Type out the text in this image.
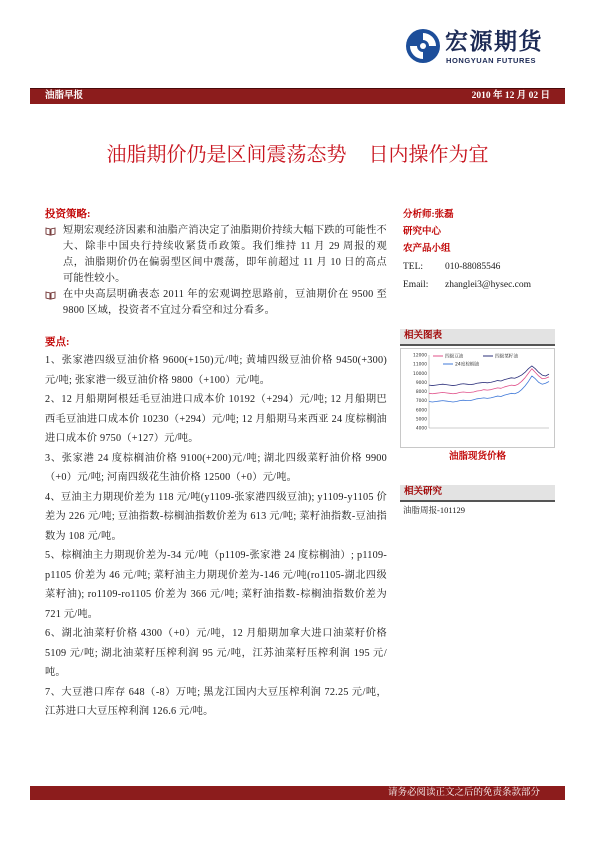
宏源期货
HONGYUAN FUTURES
油脂早报	2010 年 12 月 02 日
油脂期价仍是区间震荡态势 日内操作为宜
投资策略:
短期宏观经济因素和油脂产消决定了油脂期价持续大幅下跌的可能性不大、除非中国央行持续收紧货币政策。我们维持 11 月 29 周报的观点，油脂期价仍在偏弱型区间中震荡，即年前超过 11 月 10 日的高点可能性较小。
在中央高层明确表态 2011 年的宏观调控思路前，豆油期价在 9500 至 9800 区域，投资者不宜过分看空和过分看多。
要点:
1、张家港四级豆油价格 9600(+150)元/吨; 黄埔四级豆油价格 9450(+300)元/吨; 张家港一级豆油价格 9800（+100）元/吨。
2、12 月船期阿根廷毛豆油进口成本价 10192（+294）元/吨; 12 月船期巴西毛豆油进口成本价 10230（+294）元/吨; 12 月船期马来西亚 24 度棕榈油进口成本价 9750（+127）元/吨。
3、张家港 24 度棕榈油价格 9100(+200)元/吨; 湖北四级菜籽油价格 9900（+0）元/吨; 河南四级花生油价格 12500（+0）元/吨。
4、豆油主力期现价差为 118 元/吨(y1109-张家港四级豆油); y1109-y1105 价差为 226 元/吨; 豆油指数-棕榈油指数价差为 613 元/吨; 菜籽油指数-豆油指数为 108 元/吨。
5、棕榈油主力期现价差为-34 元/吨（p1109-张家港 24 度棕榈油）; p1109-p1105 价差为 46 元/吨; 菜籽油主力期现价差为-146 元/吨(ro1105-湖北四级菜籽油); ro1109-ro1105 价差为 366 元/吨; 菜籽油指数-棕榈油指数价差为 721 元/吨。
6、湖北油菜籽价格 4300（+0）元/吨，12 月船期加拿大进口油菜籽价格 5109 元/吨; 湖北油菜籽压榨利润 95 元/吨，江苏油菜籽压榨利润 195 元/吨。
7、大豆港口库存 648（-8）万吨; 黑龙江国内大豆压榨利润 72.25 元/吨，江苏进口大豆压榨利润 126.6 元/吨。
分析师:张磊
研究中心
农产品小组
TEL: 010-88085546
Email: zhanglei3@hysec.com
相关图表
4000
5000
6000
7000
8000
9000
10000
11000
12000	四级豆油	四级菜籽油
24度棕榈油
油脂现货价格
相关研究
油脂周报-101129
请务必阅读正文之后的免责条款部分
